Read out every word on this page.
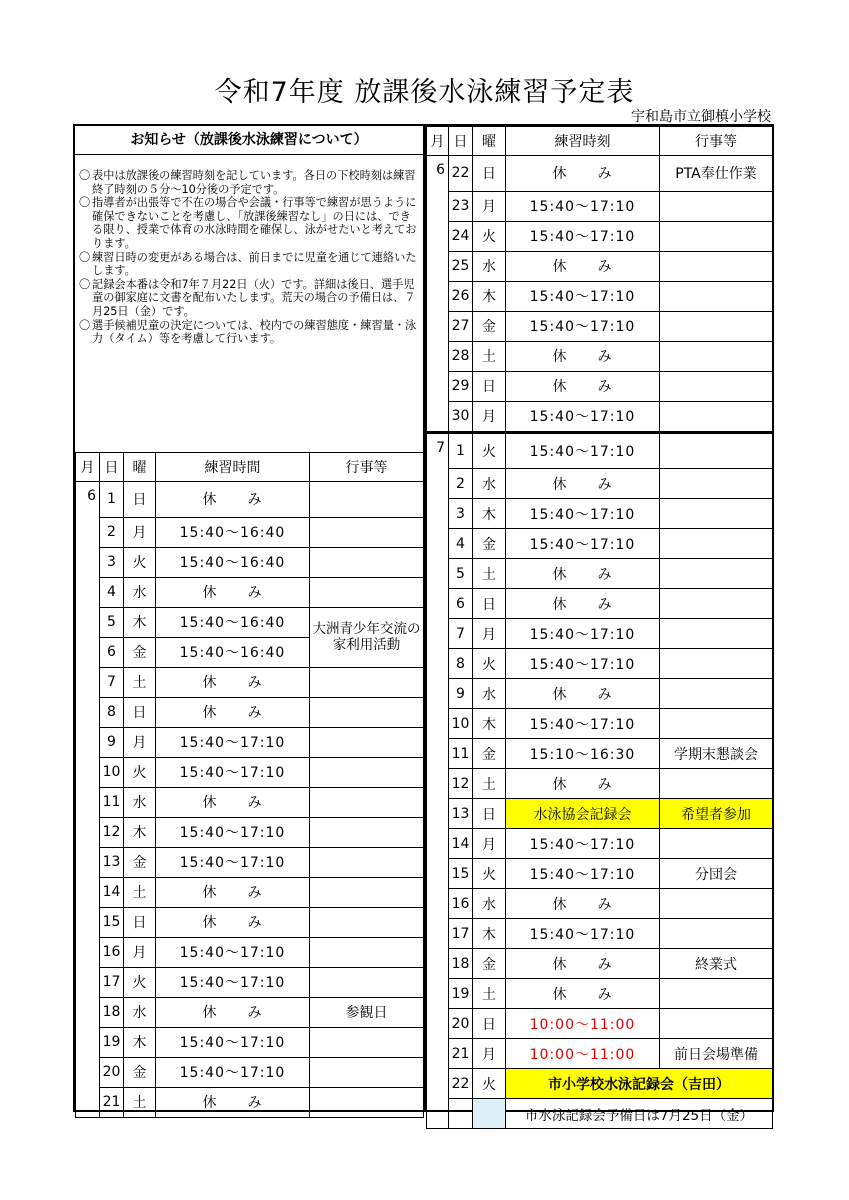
令和7年度 放課後水泳練習予定表
宇和島市立御槙小学校
お知らせ（放課後水泳練習について）
〇 表中は放課後の練習時刻を記しています。各日の下校時刻は練習終了時刻の５分～10分後の予定です。
〇 指導者が出張等で不在の場合や会議・行事等で練習が思うように確保できないことを考慮し、「放課後練習なし」の日には、できる限り、授業で体育の水泳時間を確保し、泳がせたいと考えております。
〇 練習日時の変更がある場合は、前日までに児童を通じて連絡いたします。
〇 記録会本番は令和7年７月22日（火）です。詳細は後日、選手児童の御家庭に文書を配布いたします。荒天の場合の予備日は、７月25日（金）です。
〇 選手候補児童の決定については、校内での練習態度・練習量・泳力（タイム）等を考慮して行います。
月	日	曜	練習時間	行事等
6	1	日	休　　み	
	2	月	15:40～16:40	
	3	火	15:40～16:40	
	4	水	休　　み	
	5	木	15:40～16:40	大洲青少年交流の家利用活動
	6	金	15:40～16:40	
	7	土	休　　み	
	8	日	休　　み	
	9	月	15:40～17:10	
	10	火	15:40～17:10	
	11	水	休　　み	
	12	木	15:40～17:10	
	13	金	15:40～17:10	
	14	土	休　　み	
	15	日	休　　み	
	16	月	15:40～17:10	
	17	火	15:40～17:10	
	18	水	休　　み	参観日
	19	木	15:40～17:10	
	20	金	15:40～17:10	
	21	土	休　　み	
月	日	曜	練習時刻	行事等
6	22	日	休　　み	PTA奉仕作業
	23	月	15:40～17:10	
	24	火	15:40～17:10	
	25	水	休　　み	
	26	木	15:40～17:10	
	27	金	15:40～17:10	
	28	土	休　　み	
	29	日	休　　み	
	30	月	15:40～17:10	
7	1	火	15:40～17:10	
	2	水	休　　み	
	3	木	15:40～17:10	
	4	金	15:40～17:10	
	5	土	休　　み	
	6	日	休　　み	
	7	月	15:40～17:10	
	8	火	15:40～17:10	
	9	水	休　　み	
	10	木	15:40～17:10	
	11	金	15:10～16:30	学期末懇談会
	12	土	休　　み	
	13	日	水泳協会記録会	希望者参加
	14	月	15:40～17:10	
	15	火	15:40～17:10	分団会
	16	水	休　　み	
	17	木	15:40～17:10	
	18	金	休　　み	終業式
	19	土	休　　み	
	20	日	10:00～11:00	
	21	月	10:00～11:00	前日会場準備
	22	火	市小学校水泳記録会（吉田）	
			市水泳記録会予備日は7月25日（金）	
